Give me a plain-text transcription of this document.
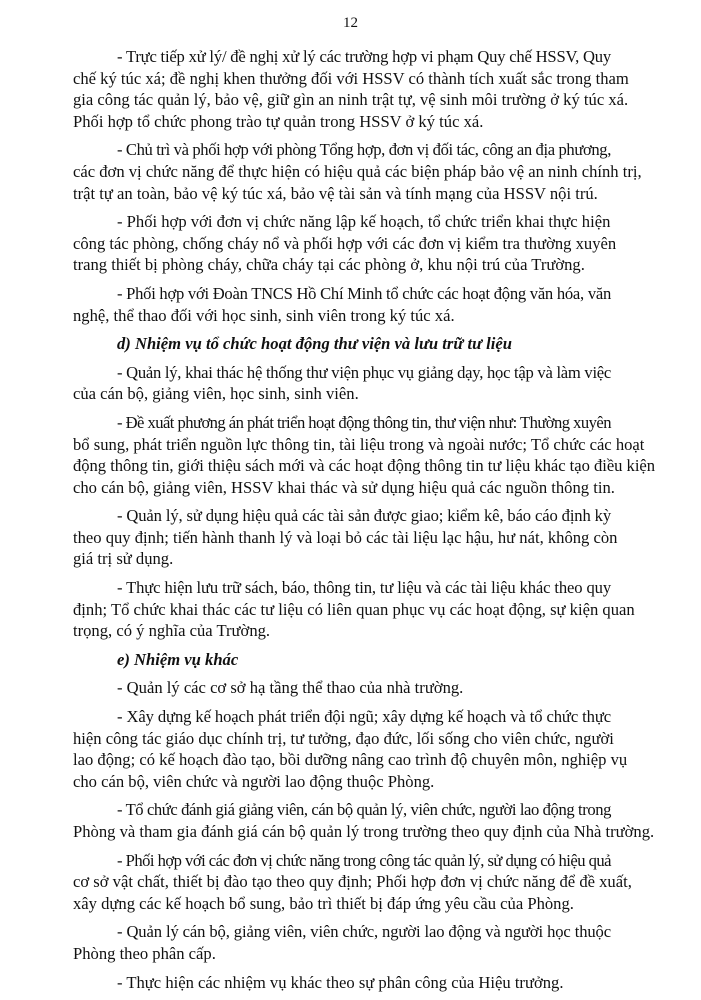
12
- Trực tiếp xử lý/ đề nghị xử lý các trường hợp vi phạm Quy chế HSSV, Quy
chế ký túc xá; đề nghị khen thưởng đối với HSSV có thành tích xuất sắc trong tham
gia công tác quản lý, bảo vệ, giữ gìn an ninh trật tự, vệ sinh môi trường ở ký túc xá.
Phối hợp tổ chức phong trào tự quản trong HSSV ở ký túc xá.
- Chủ trì và phối hợp với phòng Tổng hợp, đơn vị đối tác, công an địa phương,
các đơn vị chức năng để thực hiện có hiệu quả các biện pháp bảo vệ an ninh chính trị,
trật tự an toàn, bảo vệ ký túc xá, bảo vệ tài sản và tính mạng của HSSV nội trú.
- Phối hợp với đơn vị chức năng lập kế hoạch, tổ chức triển khai thực hiện
công tác phòng, chống cháy nổ và phối hợp với các đơn vị kiểm tra thường xuyên
trang thiết bị phòng cháy, chữa cháy tại các phòng ở, khu nội trú của Trường.
- Phối hợp với Đoàn TNCS Hồ Chí Minh tổ chức các hoạt động văn hóa, văn
nghệ, thể thao đối với học sinh, sinh viên trong ký túc xá.
d) Nhiệm vụ tổ chức hoạt động thư viện và lưu trữ tư liệu
- Quản lý, khai thác hệ thống thư viện phục vụ giảng dạy, học tập và làm việc
của cán bộ, giảng viên, học sinh, sinh viên.
- Đề xuất phương án phát triển hoạt động thông tin, thư viện như: Thường xuyên
bổ sung, phát triển nguồn lực thông tin, tài liệu trong và ngoài nước; Tổ chức các hoạt
động thông tin, giới thiệu sách mới và các hoạt động thông tin tư liệu khác tạo điều kiện
cho cán bộ, giảng viên, HSSV khai thác và sử dụng hiệu quả các nguồn thông tin.
- Quản lý, sử dụng hiệu quả các tài sản được giao; kiểm kê, báo cáo định kỳ
theo quy định; tiến hành thanh lý và loại bỏ các tài liệu lạc hậu, hư nát, không còn
giá trị sử dụng.
- Thực hiện lưu trữ sách, báo, thông tin, tư liệu và các tài liệu khác theo quy
định; Tổ chức khai thác các tư liệu có liên quan phục vụ các hoạt động, sự kiện quan
trọng, có ý nghĩa của Trường.
e) Nhiệm vụ khác
- Quản lý các cơ sở hạ tầng thể thao của nhà trường.
- Xây dựng kế hoạch phát triển đội ngũ; xây dựng kế hoạch và tổ chức thực
hiện công tác giáo dục chính trị, tư tưởng, đạo đức, lối sống cho viên chức, người
lao động; có kế hoạch đào tạo, bồi dưỡng nâng cao trình độ chuyên môn, nghiệp vụ
cho cán bộ, viên chức và người lao động thuộc Phòng.
- Tổ chức đánh giá giảng viên, cán bộ quản lý, viên chức, người lao động trong
Phòng và tham gia đánh giá cán bộ quản lý trong trường theo quy định của Nhà trường.
- Phối hợp với các đơn vị chức năng trong công tác quản lý, sử dụng có hiệu quả
cơ sở vật chất, thiết bị đào tạo theo quy định; Phối hợp đơn vị chức năng để đề xuất,
xây dựng các kế hoạch bổ sung, bảo trì thiết bị đáp ứng yêu cầu của Phòng.
- Quản lý cán bộ, giảng viên, viên chức, người lao động và người học thuộc
Phòng theo phân cấp.
- Thực hiện các nhiệm vụ khác theo sự phân công của Hiệu trưởng.
